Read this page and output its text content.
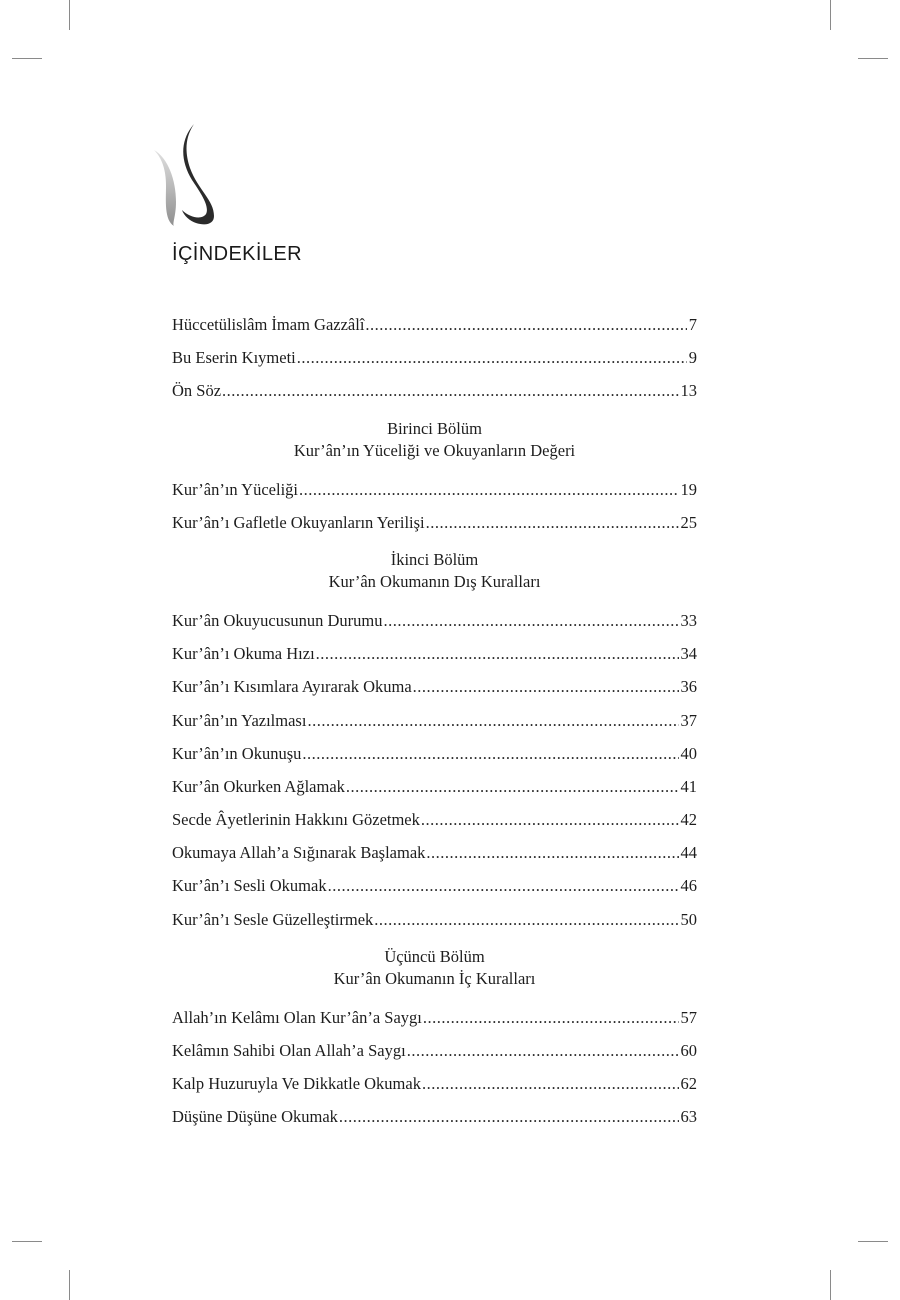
İÇİNDEKİLER
Hüccetülislâm İmam Gazzâlî .....	7
Bu Eserin Kıymeti .....	9
Ön Söz .....	13
Birinci Bölüm
Kur’ân’ın Yüceliği ve Okuyanların Değeri
Kur’ân’ın Yüceliği .....	19
Kur’ân’ı Gafletle Okuyanların Yerilişi .....	25
İkinci Bölüm
Kur’ân Okumanın Dış Kuralları
Kur’ân Okuyucusunun Durumu .....	33
Kur’ân’ı Okuma Hızı .....	34
Kur’ân’ı Kısımlara Ayırarak Okuma .....	36
Kur’ân’ın Yazılması .....	37
Kur’ân’ın Okunuşu .....	40
Kur’ân Okurken Ağlamak .....	41
Secde Âyetlerinin Hakkını Gözetmek .....	42
Okumaya Allah’a Sığınarak Başlamak .....	44
Kur’ân’ı Sesli Okumak .....	46
Kur’ân’ı Sesle Güzelleştirmek .....	50
Üçüncü Bölüm
Kur’ân Okumanın İç Kuralları
Allah’ın Kelâmı Olan Kur’ân’a Saygı .....	57
Kelâmın Sahibi Olan Allah’a Saygı .....	60
Kalp Huzuruyla Ve Dikkatle Okumak .....	62
Düşüne Düşüne Okumak .....	63
